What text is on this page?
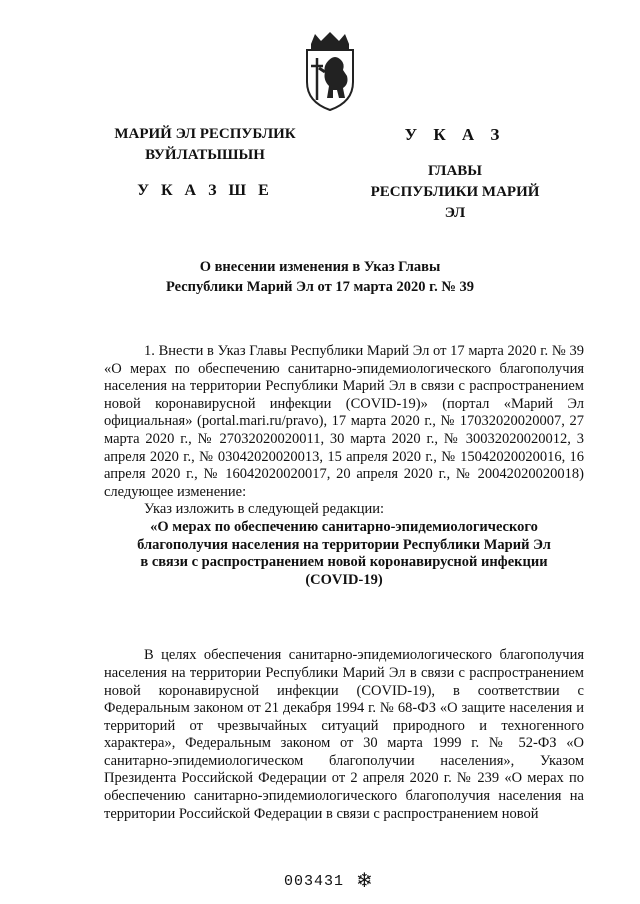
МАРИЙ ЭЛ РЕСПУБЛИК
ВУЙЛАТЫШЫН
У К А З Ш Е
У К А З
ГЛАВЫ
РЕСПУБЛИКИ МАРИЙ ЭЛ
О внесении изменения в Указ Главы
Республики Марий Эл от 17 марта 2020 г. № 39

1. Внести в Указ Главы Республики Марий Эл от 17 марта 2020 г. № 39 «О мерах по обеспечению санитарно-эпидемиологического благополучия населения на территории Республики Марий Эл в связи с распространением новой коронавирусной инфекции (COVID-19)» (портал «Марий Эл официальная» (portal.mari.ru/pravo), 17 марта 2020 г., № 17032020020007, 27 марта 2020 г., № 27032020020011, 30 марта 2020 г., № 30032020020012, 3 апреля 2020 г., № 03042020020013, 15 апреля 2020 г., № 15042020020016, 16 апреля 2020 г., № 16042020020017, 20 апреля 2020 г., № 20042020020018) следующее изменение:

Указ изложить в следующей редакции:

«О мерах по обеспечению санитарно-эпидемиологического

благополучия населения на территории Республики Марий Эл

в связи с распространением новой коронавирусной инфекции

(COVID-19)

В целях обеспечения санитарно-эпидемиологического благополучия населения на территории Республики Марий Эл в связи с распространением новой коронавирусной инфекции (COVID-19), в соответствии с Федеральным законом от 21 декабря 1994 г. № 68-ФЗ «О защите населения и территорий от чрезвычайных ситуаций природного и техногенного характера», Федеральным законом от 30 марта 1999 г. № 52-ФЗ «О санитарно-эпидемиологическом благополучии населения», Указом Президента Российской Федерации от 2 апреля 2020 г. № 239 «О мерах по обеспечению санитарно-эпидемиологического благополучия населения на территории Российской Федерации в связи с распространением новой

003431 ❄
